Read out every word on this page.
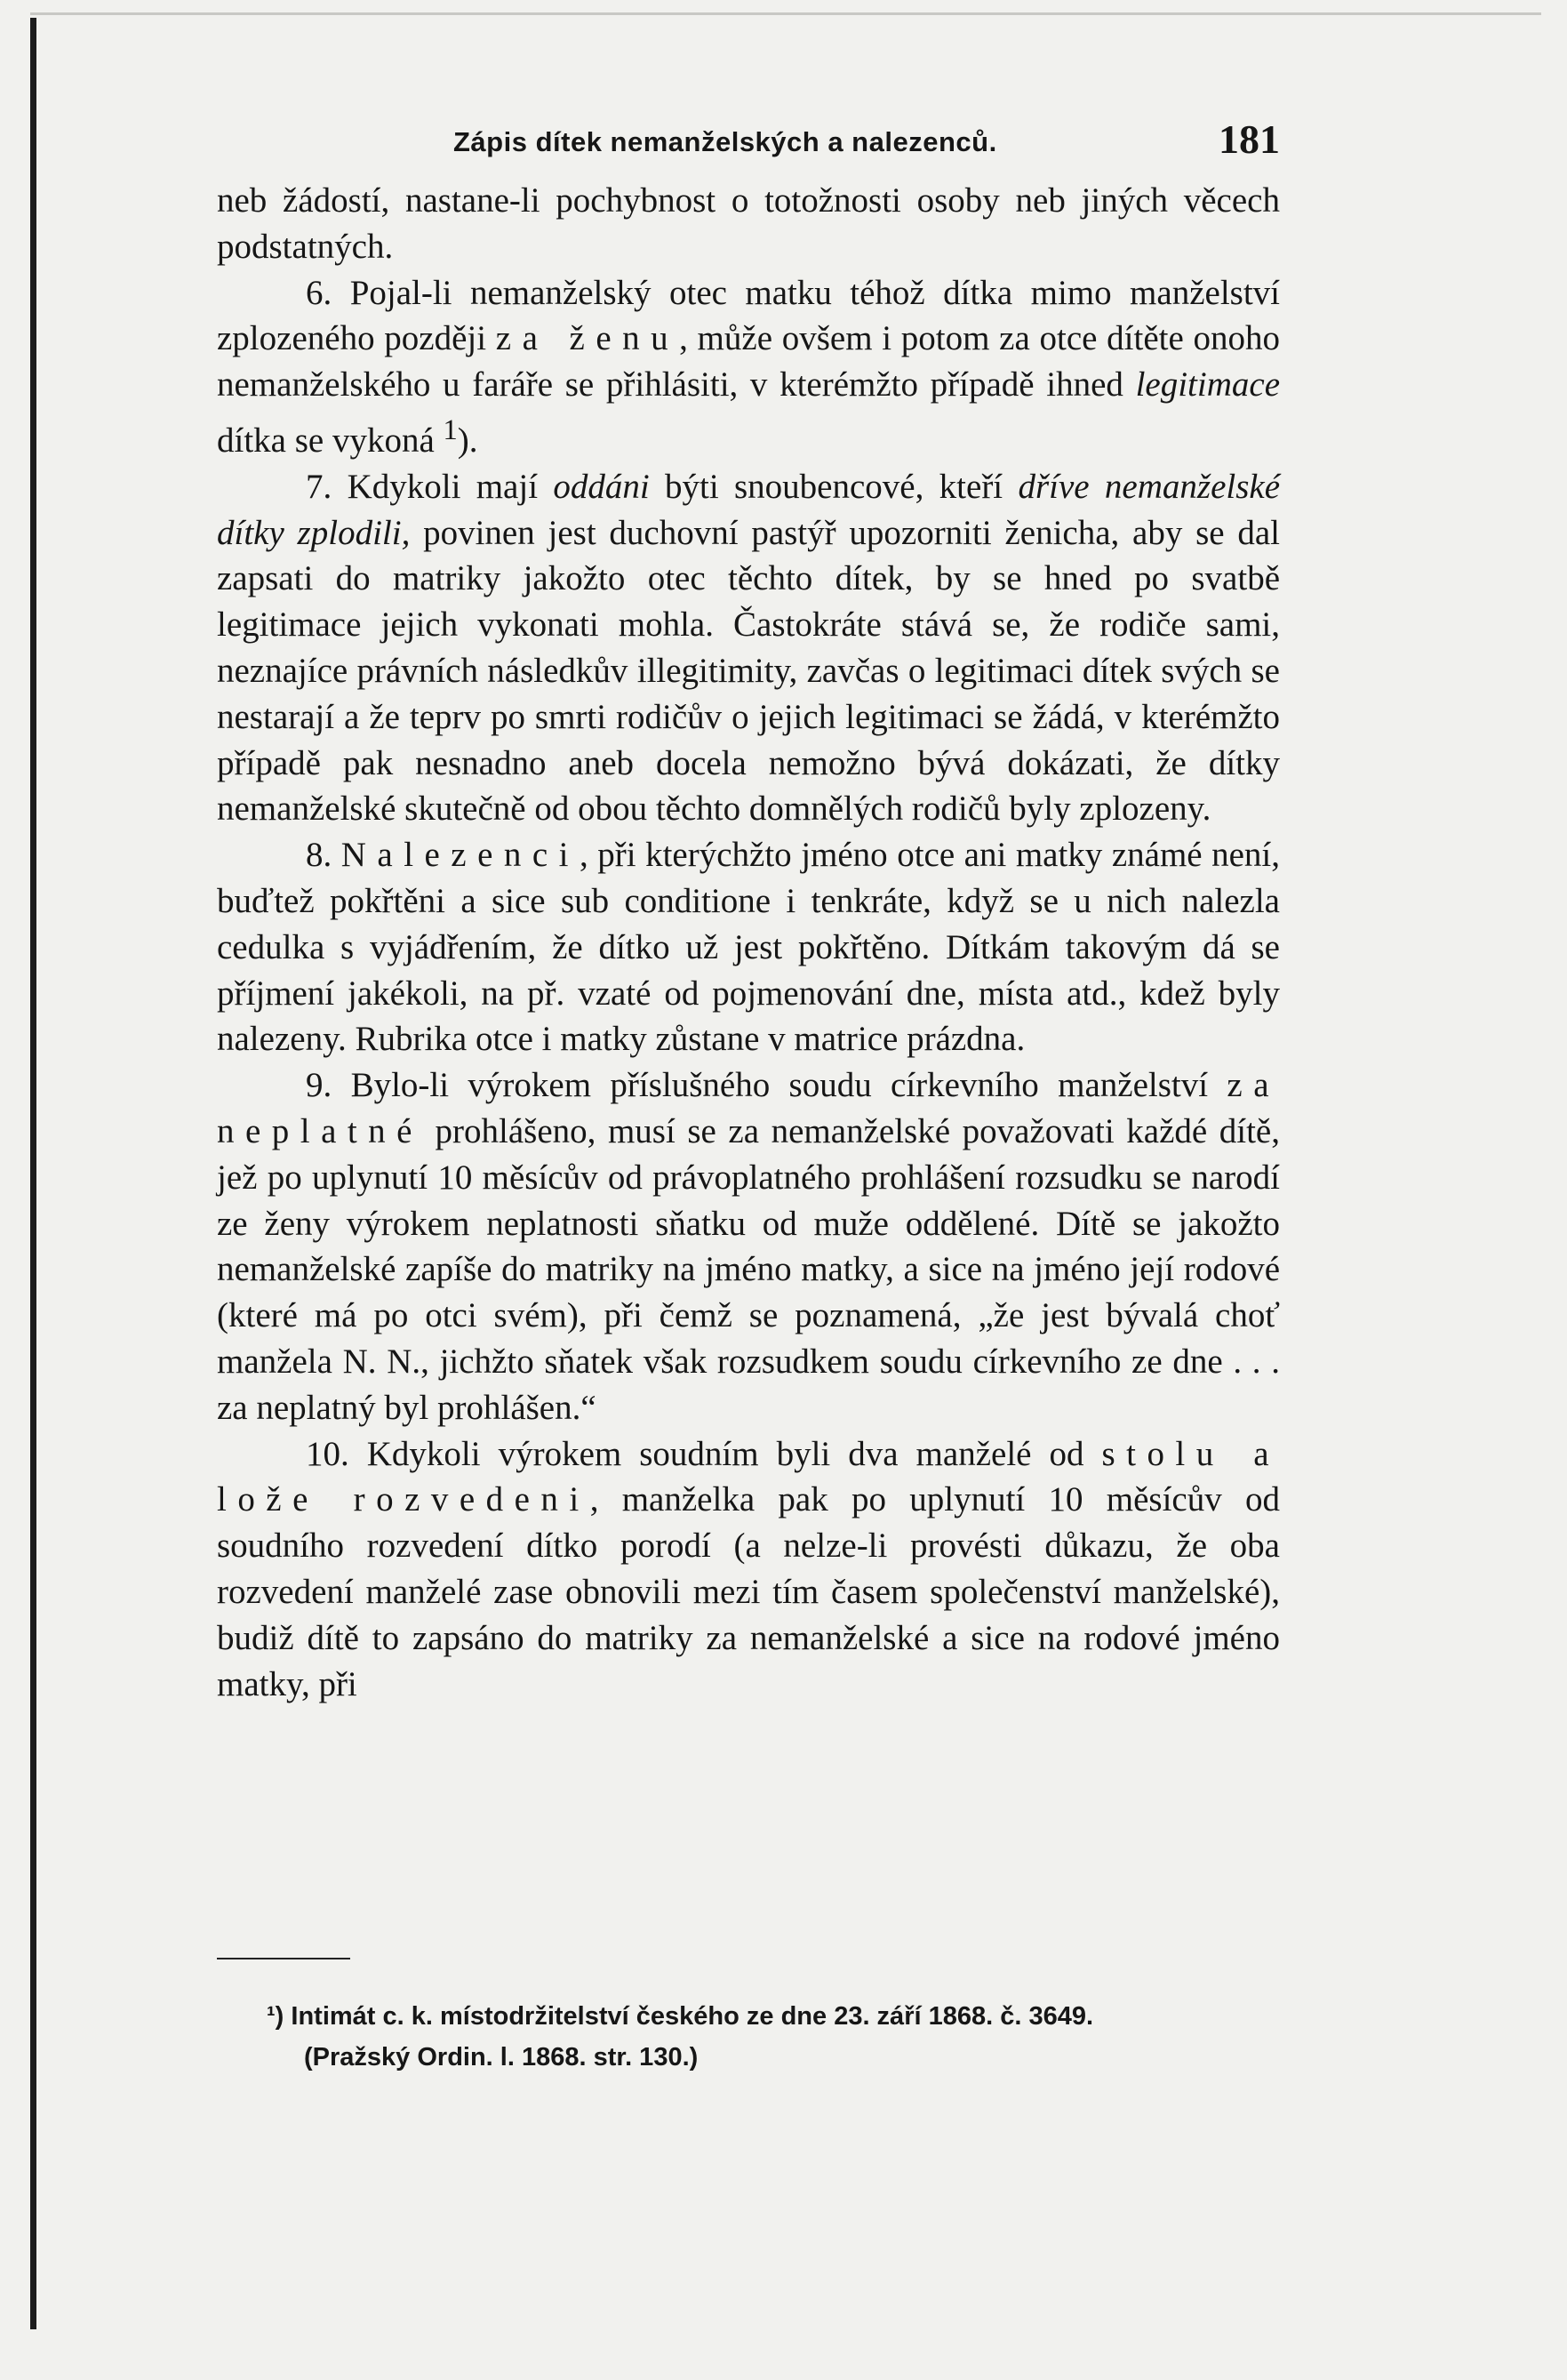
Zápis dítek nemanželských a nalezenců.	181

neb žádostí, nastane-li pochybnost o totožnosti osoby neb jiných věcech podstatných.

6. Pojal-li nemanželský otec matku téhož dítka mimo manželství zplozeného později za ženu, může ovšem i potom za otce dítěte onoho nemanželského u faráře se přihlásiti, v kterémžto případě ihned legitimace dítka se vykoná $^1$).

7. Kdykoli mají oddáni býti snoubencové, kteří dříve nemanželské dítky zplodili, povinen jest duchovní pastýř upozorniti ženicha, aby se dal zapsati do matriky jakožto otec těchto dítek, by se hned po svatbě legitimace jejich vykonati mohla. Častokráte stává se, že rodiče sami, neznajíce právních následkův illegitimity, zavčas o legitimaci dítek svých se nestarají a že teprv po smrti rodičův o jejich legitimaci se žádá, v kterémžto případě pak nesnadno aneb docela nemožno bývá dokázati, že dítky nemanželské skutečně od obou těchto domnělých rodičů byly zplozeny.

8. Nalezenci, při kterýchžto jméno otce ani matky známé není, buďtež pokřtěni a sice sub conditione i tenkráte, když se u nich nalezla cedulka s vyjádřením, že dítko už jest pokřtěno. Dítkám takovým dá se příjmení jakékoli, na př. vzaté od pojmenování dne, místa atd., kdež byly nalezeny. Rubrika otce i matky zůstane v matrice prázdna.

9. Bylo-li výrokem příslušného soudu církevního manželství za neplatné prohlášeno, musí se za nemanželské považovati každé dítě, jež po uplynutí 10 měsícův od právoplatného prohlášení rozsudku se narodí ze ženy výrokem neplatnosti sňatku od muže oddělené. Dítě se jakožto nemanželské zapíše do matriky na jméno matky, a sice na jméno její rodové (které má po otci svém), při čemž se poznamená, „že jest bývalá choť manžela N. N., jichžto sňatek však rozsudkem soudu církevního ze dne . . . za neplatný byl prohlášen.“

10. Kdykoli výrokem soudním byli dva manželé od stolu a lože rozvedeni, manželka pak po uplynutí 10 měsícův od soudního rozvedení dítko porodí (a nelze-li provésti důkazu, že oba rozvedení manželé zase obnovili mezi tím časem společenství manželské), budiž dítě to zapsáno do matriky za nemanželské a sice na rodové jméno matky, při

¹) Intimát c. k. místodržitelství českého ze dne 23. září 1868. č. 3649.
(Pražský Ordin. l. 1868. str. 130.)
